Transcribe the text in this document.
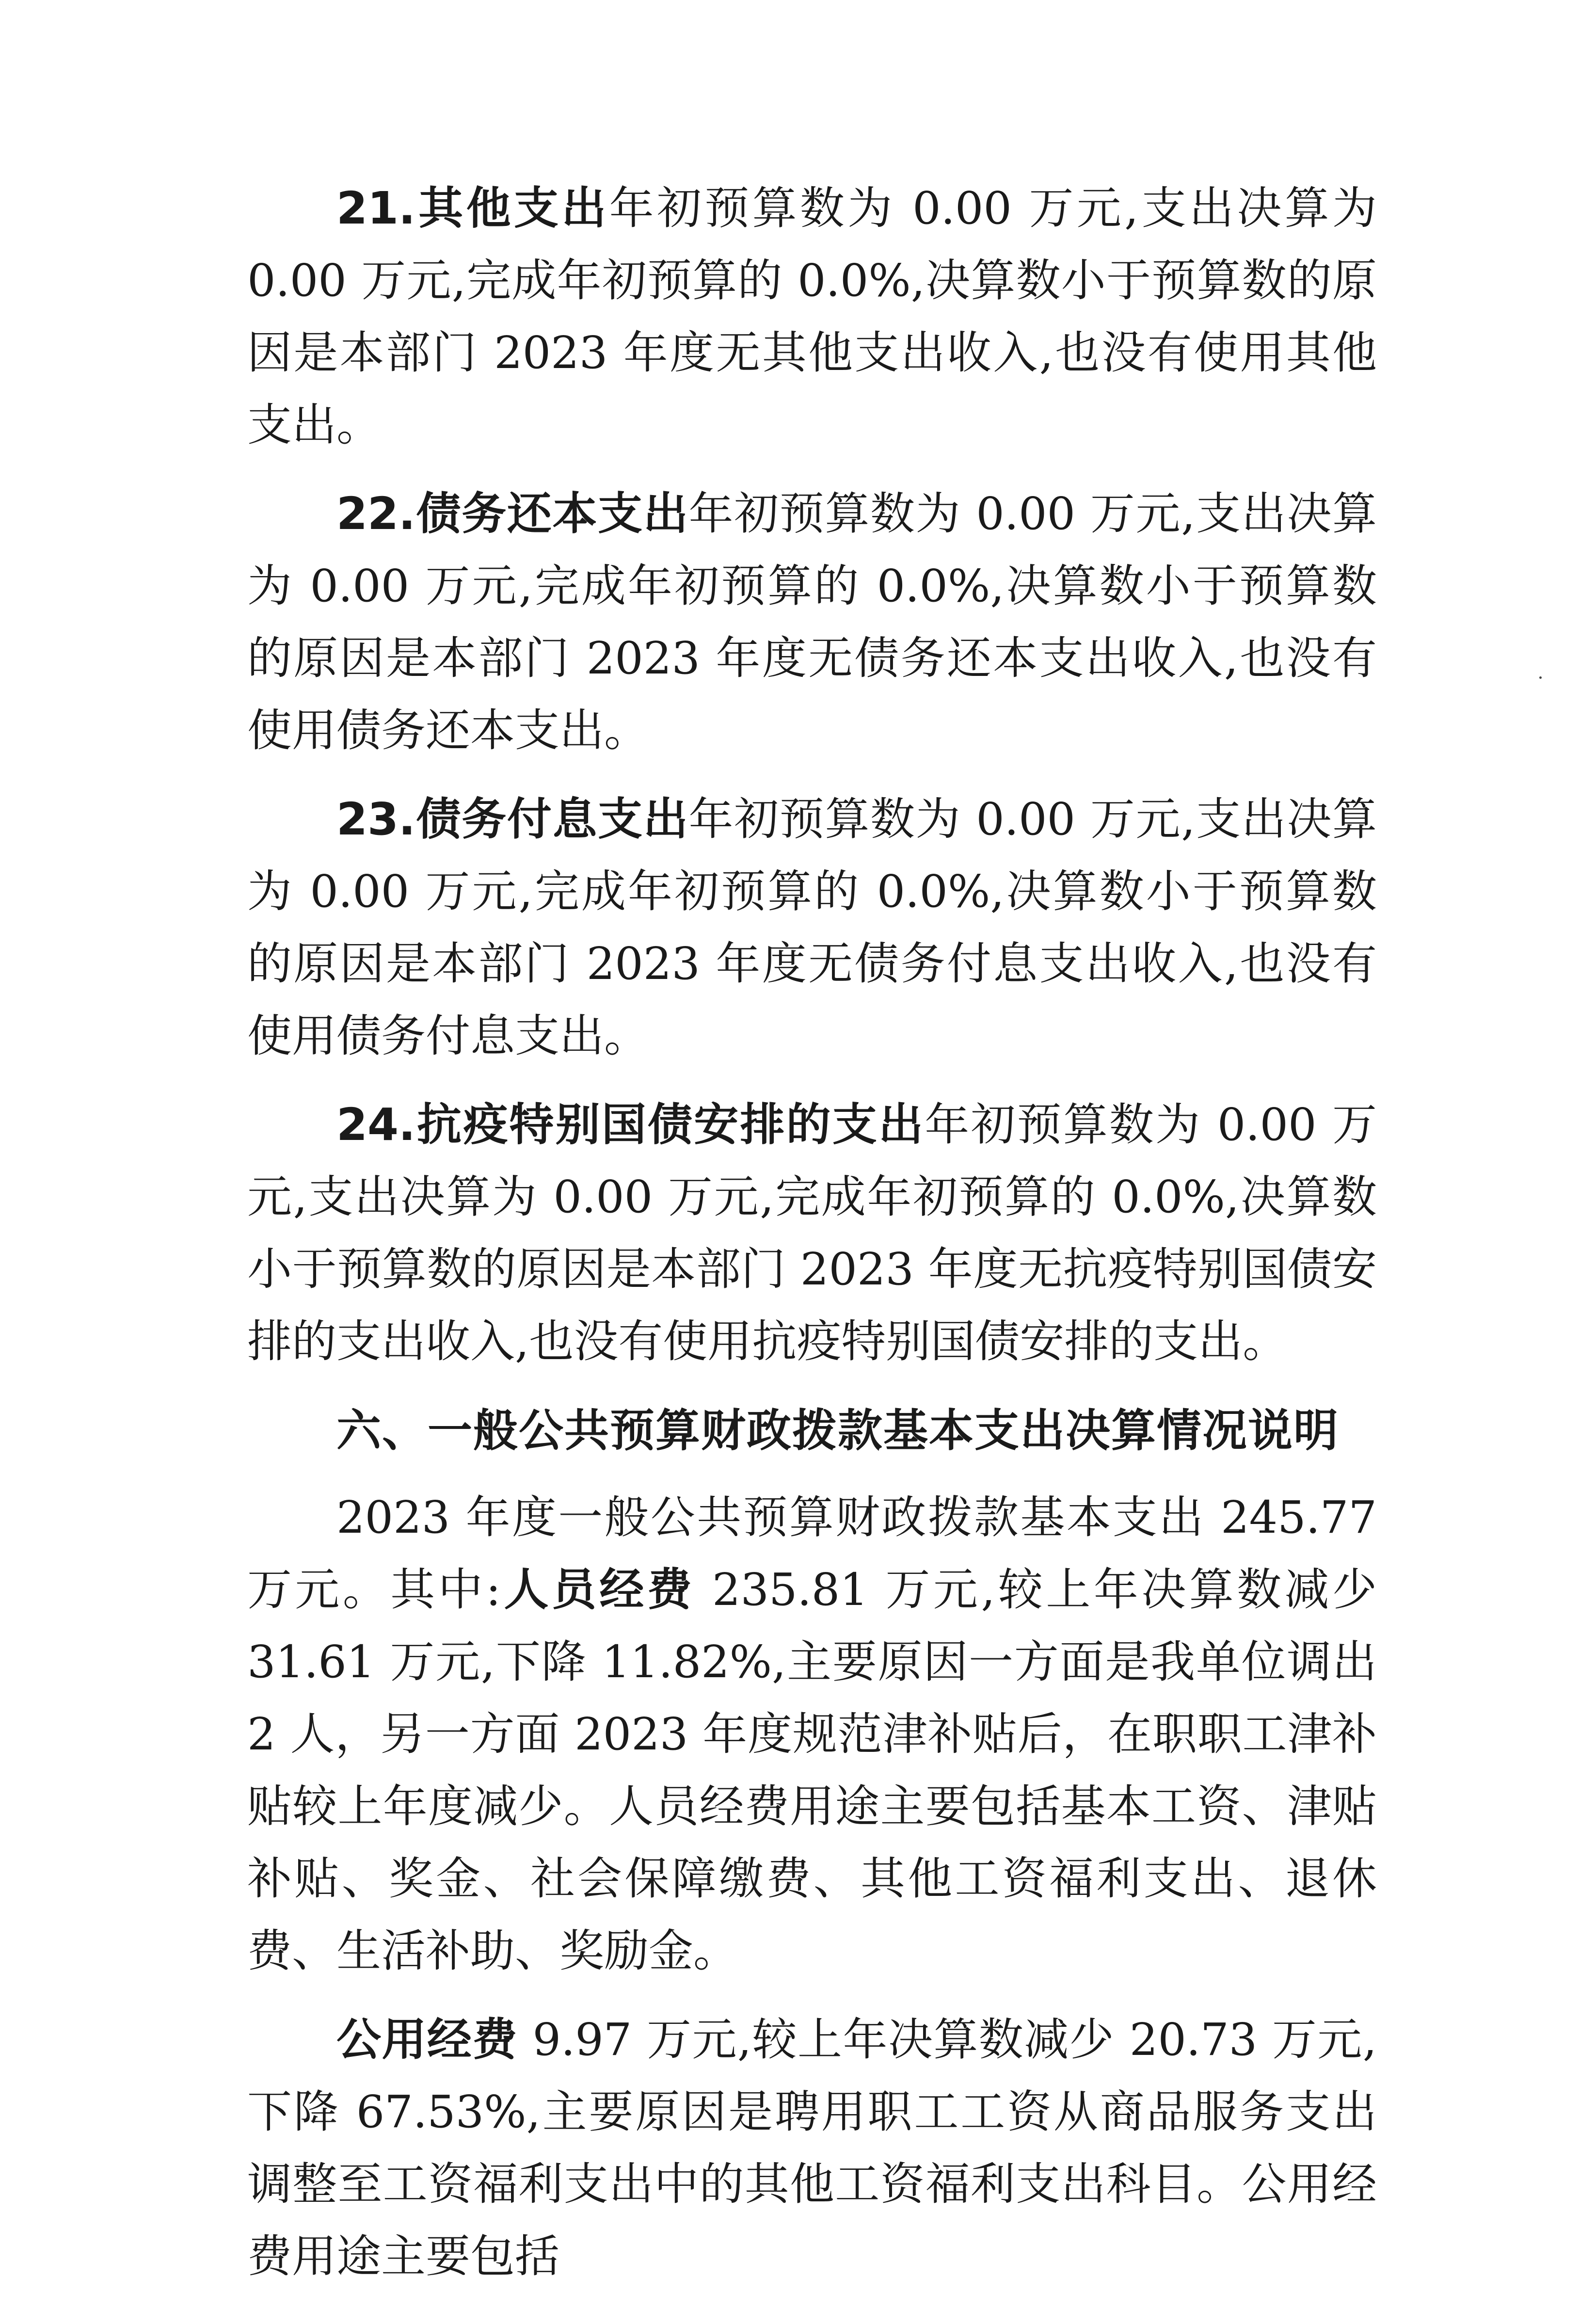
21.其他支出年初预算数为 0.00 万元,支出决算为 0.00 万元,完成年初预算的 0.0%,决算数小于预算数的原因是本部门 2023 年度无其他支出收入,也没有使用其他支出。

22.债务还本支出年初预算数为 0.00 万元,支出决算为 0.00 万元,完成年初预算的 0.0%,决算数小于预算数的原因是本部门 2023 年度无债务还本支出收入,也没有使用债务还本支出。

23.债务付息支出年初预算数为 0.00 万元,支出决算为 0.00 万元,完成年初预算的 0.0%,决算数小于预算数的原因是本部门 2023 年度无债务付息支出收入,也没有使用债务付息支出。

24.抗疫特别国债安排的支出年初预算数为 0.00 万元,支出决算为 0.00 万元,完成年初预算的 0.0%,决算数小于预算数的原因是本部门 2023 年度无抗疫特别国债安排的支出收入,也没有使用抗疫特别国债安排的支出。

六、一般公共预算财政拨款基本支出决算情况说明

2023 年度一般公共预算财政拨款基本支出 245.77 万元。其中:人员经费 235.81 万元,较上年决算数减少 31.61 万元,下降 11.82%,主要原因一方面是我单位调出 2 人，另一方面 2023 年度规范津补贴后，在职职工津补贴较上年度减少。人员经费用途主要包括基本工资、津贴补贴、奖金、社会保障缴费、其他工资福利支出、退休费、生活补助、奖励金。

公用经费 9.97 万元,较上年决算数减少 20.73 万元,下降 67.53%,主要原因是聘用职工工资从商品服务支出调整至工资福利支出中的其他工资福利支出科目。公用经费用途主要包括
